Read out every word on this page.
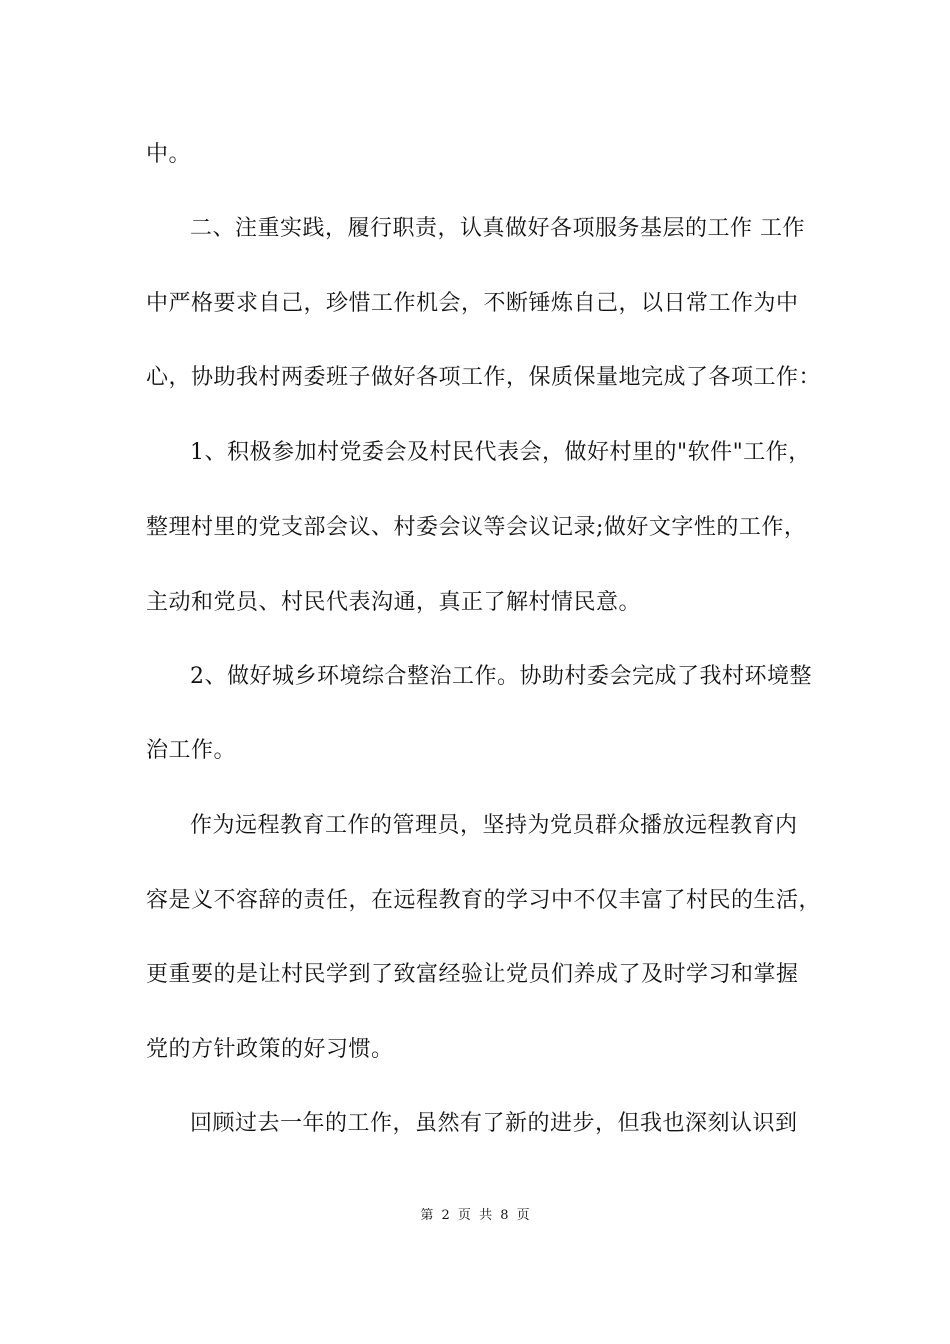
中。
二、注重实践，履行职责，认真做好各项服务基层的工作 工作
中严格要求自己，珍惜工作机会，不断锤炼自己，以日常工作为中
心，协助我村两委班子做好各项工作，保质保量地完成了各项工作：
1、积极参加村党委会及村民代表会，做好村里的"软件"工作，
整理村里的党支部会议、村委会议等会议记录;做好文字性的工作，
主动和党员、村民代表沟通，真正了解村情民意。
2、做好城乡环境综合整治工作。协助村委会完成了我村环境整
治工作。
作为远程教育工作的管理员，坚持为党员群众播放远程教育内
容是义不容辞的责任，在远程教育的学习中不仅丰富了村民的生活，
更重要的是让村民学到了致富经验让党员们养成了及时学习和掌握
党的方针政策的好习惯。
回顾过去一年的工作，虽然有了新的进步，但我也深刻认识到
第 2 页 共 8 页
